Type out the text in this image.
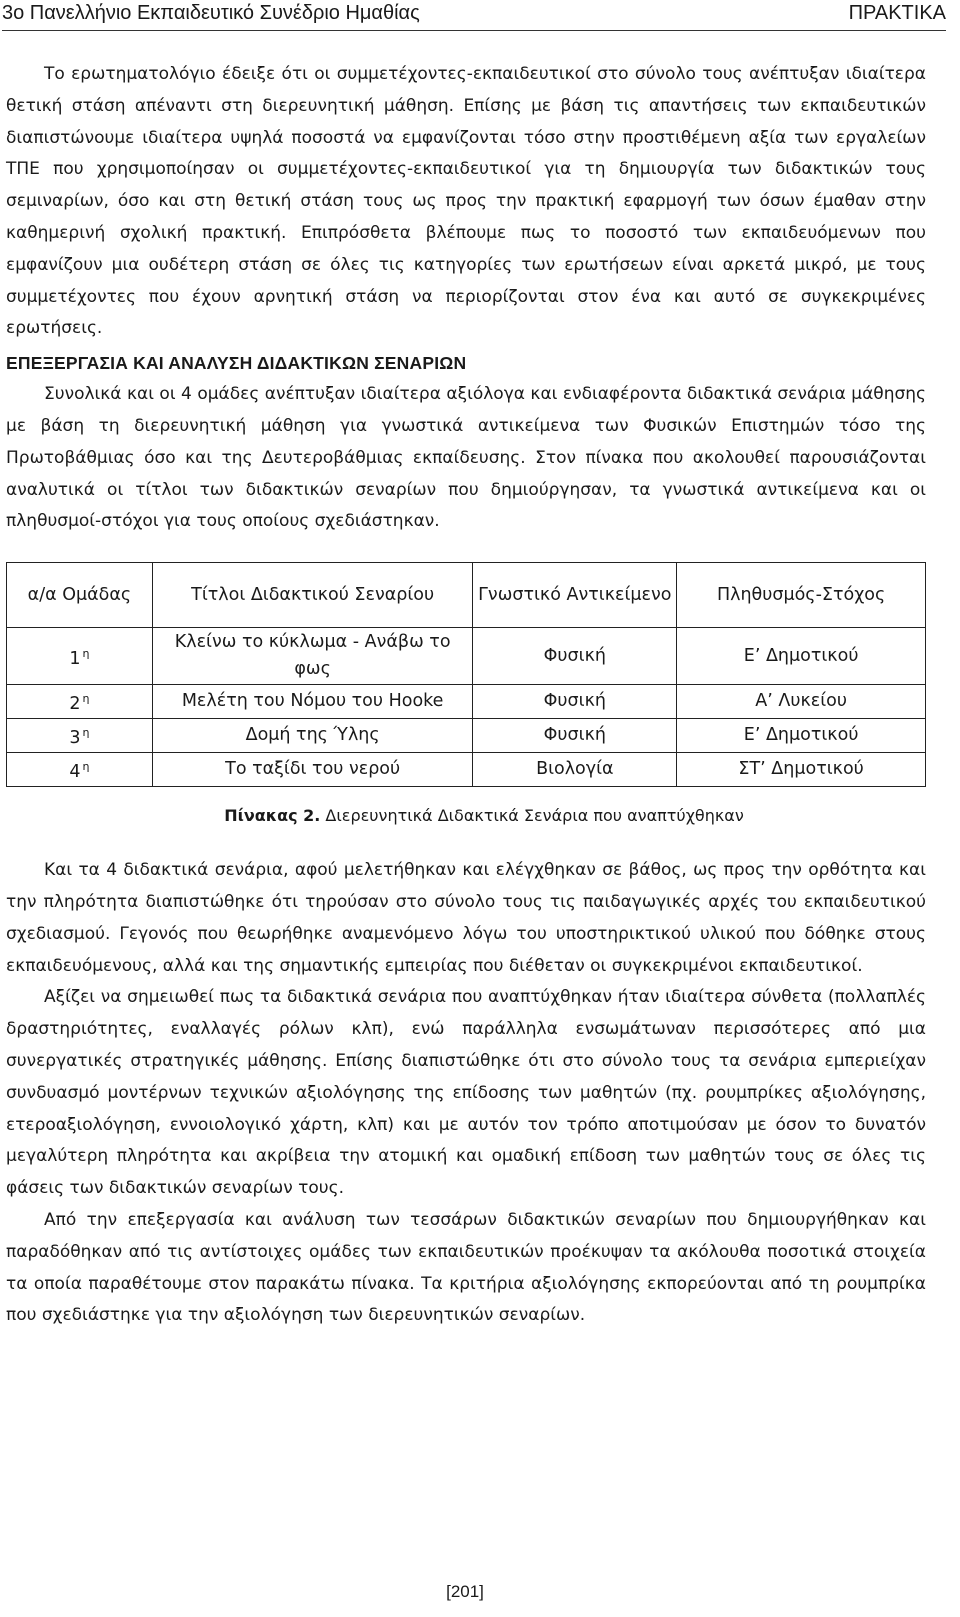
3ο Πανελλήνιο Εκπαιδευτικό Συνέδριο Ημαθίας	ΠΡΑΚΤΙΚΑ

Το ερωτηματολόγιο έδειξε ότι οι συμμετέχοντες-εκπαιδευτικοί στο σύνολο τους ανέπτυξαν ιδιαίτερα θετική στάση απέναντι στη διερευνητική μάθηση. Επίσης με βάση τις απαντήσεις των εκπαιδευτικών διαπιστώνουμε ιδιαίτερα υψηλά ποσοστά να εμφανίζονται τόσο στην προστιθέμενη αξία των εργαλείων ΤΠΕ που χρησιμοποίησαν οι συμμετέχοντες-εκπαιδευτικοί για τη δημιουργία των διδακτικών τους σεμιναρίων, όσο και στη θετική στάση τους ως προς την πρακτική εφαρμογή των όσων έμαθαν στην καθημερινή σχολική πρακτική. Επιπρόσθετα βλέπουμε πως το ποσοστό των εκπαιδευόμενων που εμφανίζουν μια ουδέτερη στάση σε όλες τις κατηγορίες των ερωτήσεων είναι αρκετά μικρό, με τους συμμετέχοντες που έχουν αρνητική στάση να περιορίζονται στον ένα και αυτό σε συγκεκριμένες ερωτήσεις.

ΕΠΕΞΕΡΓΑΣΙΑ ΚΑΙ ΑΝΑΛΥΣΗ ΔΙΔΑΚΤΙΚΩΝ ΣΕΝΑΡΙΩΝ

Συνολικά και οι 4 ομάδες ανέπτυξαν ιδιαίτερα αξιόλογα και ενδιαφέροντα διδακτικά σενάρια μάθησης με βάση τη διερευνητική μάθηση για γνωστικά αντικείμενα των Φυσικών Επιστημών τόσο της Πρωτοβάθμιας όσο και της Δευτεροβάθμιας εκπαίδευσης. Στον πίνακα που ακολουθεί παρουσιάζονται αναλυτικά οι τίτλοι των διδακτικών σεναρίων που δημιούργησαν, τα γνωστικά αντικείμενα και οι πληθυσμοί-στόχοι για τους οποίους σχεδιάστηκαν.

α/α Ομάδας	Τίτλοι Διδακτικού Σεναρίου	Γνωστικό Αντικείμενο	Πληθυσμός-Στόχος
1 $^\eta$	Κλείνω το κύκλωμα - Ανάβω το φως	Φυσική	Ε’ Δημοτικού
2 $^\eta$	Μελέτη του Νόμου του Hooke	Φυσική	Α’ Λυκείου
3 $^\eta$	Δομή της Ύλης	Φυσική	Ε’ Δημοτικού
4 $^\eta$	Το ταξίδι του νερού	Βιολογία	ΣΤ’ Δημοτικού
Πίνακας 2. Διερευνητικά Διδακτικά Σενάρια που αναπτύχθηκαν

Και τα 4 διδακτικά σενάρια, αφού μελετήθηκαν και ελέγχθηκαν σε βάθος, ως προς την ορθότητα και την πληρότητα διαπιστώθηκε ότι τηρούσαν στο σύνολο τους τις παιδαγωγικές αρχές του εκπαιδευτικού σχεδιασμού. Γεγονός που θεωρήθηκε αναμενόμενο λόγω του υποστηρικτικού υλικού που δόθηκε στους εκπαιδευόμενους, αλλά και της σημαντικής εμπειρίας που διέθεταν οι συγκεκριμένοι εκπαιδευτικοί.

Αξίζει να σημειωθεί πως τα διδακτικά σενάρια που αναπτύχθηκαν ήταν ιδιαίτερα σύνθετα (πολλαπλές δραστηριότητες, εναλλαγές ρόλων κλπ), ενώ παράλληλα ενσωμάτωναν περισσότερες από μια συνεργατικές στρατηγικές μάθησης. Επίσης διαπιστώθηκε ότι στο σύνολο τους τα σενάρια εμπεριείχαν συνδυασμό μοντέρνων τεχνικών αξιολόγησης της επίδοσης των μαθητών (πχ. ρουμπρίκες αξιολόγησης, ετεροαξιολόγηση, εννοιολογικό χάρτη, κλπ) και με αυτόν τον τρόπο αποτιμούσαν με όσον το δυνατόν μεγαλύτερη πληρότητα και ακρίβεια την ατομική και ομαδική επίδοση των μαθητών τους σε όλες τις φάσεις των διδακτικών σεναρίων τους.

Από την επεξεργασία και ανάλυση των τεσσάρων διδακτικών σεναρίων που δημιουργήθηκαν και παραδόθηκαν από τις αντίστοιχες ομάδες των εκπαιδευτικών προέκυψαν τα ακόλουθα ποσοτικά στοιχεία τα οποία παραθέτουμε στον παρακάτω πίνακα. Τα κριτήρια αξιολόγησης εκπορεύονται από τη ρουμπρίκα που σχεδιάστηκε για την αξιολόγηση των διερευνητικών σεναρίων.

[201]
